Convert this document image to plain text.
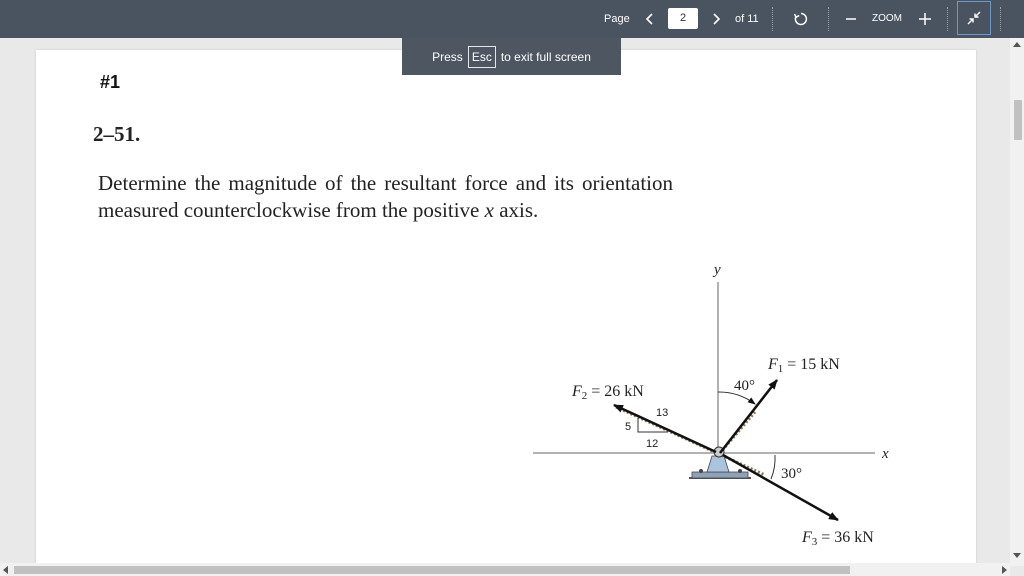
Page	2	of 11	ZOOM
#1
2–51.
Determine the magnitude of the resultant force and its orientation measured counterclockwise from the positive x axis.
y
x
F1 = 15 kN
F2 = 26 kN
F3 = 36 kN
40°
30°
13
5
12
Press Esc to exit full screen
